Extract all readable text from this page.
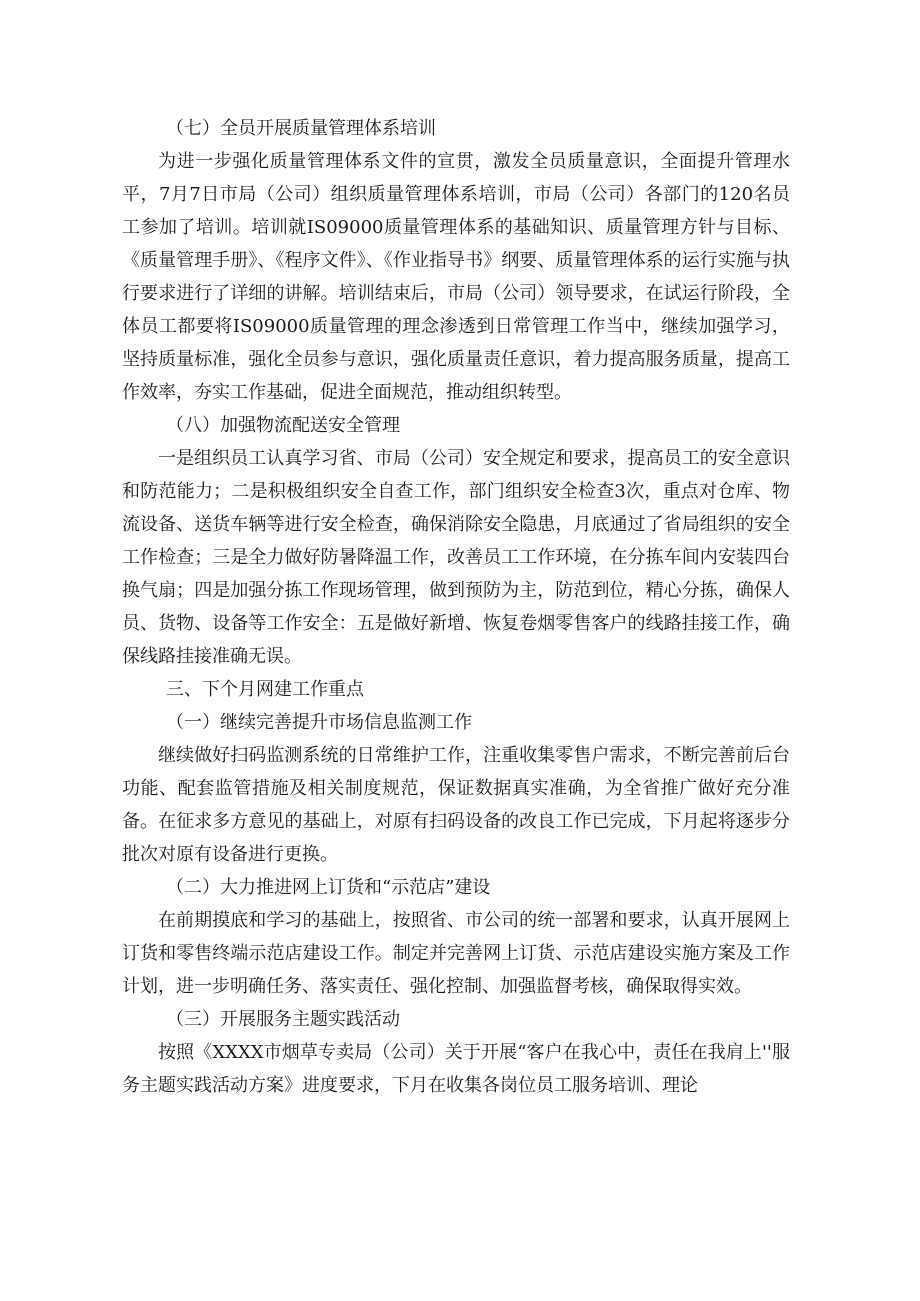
（七）全员开展质量管理体系培训

为进一步强化质量管理体系文件的宣贯，激发全员质量意识，全面提升管理水平，7月7日市局（公司）组织质量管理体系培训，市局（公司）各部门的120名员工参加了培训。培训就IS09000质量管理体系的基础知识、质量管理方针与目标、《质量管理手册》、《程序文件》、《作业指导书》纲要、质量管理体系的运行实施与执行要求进行了详细的讲解。培训结束后，市局（公司）领导要求，在试运行阶段，全体员工都要将IS09000质量管理的理念渗透到日常管理工作当中，继续加强学习，坚持质量标准，强化全员参与意识，强化质量责任意识，着力提高服务质量，提高工作效率，夯实工作基础，促进全面规范，推动组织转型。

（八）加强物流配送安全管理

一是组织员工认真学习省、市局（公司）安全规定和要求，提高员工的安全意识和防范能力；二是积极组织安全自查工作，部门组织安全检查3次，重点对仓库、物流设备、送货车辆等进行安全检查，确保消除安全隐患，月底通过了省局组织的安全工作检查；三是全力做好防暑降温工作，改善员工工作环境，在分拣车间内安装四台换气扇；四是加强分拣工作现场管理，做到预防为主，防范到位，精心分拣，确保人员、货物、设备等工作安全：五是做好新增、恢复卷烟零售客户的线路挂接工作，确保线路挂接准确无误。

三、下个月网建工作重点

（一）继续完善提升市场信息监测工作

继续做好扫码监测系统的日常维护工作，注重收集零售户需求，不断完善前后台功能、配套监管措施及相关制度规范，保证数据真实准确，为全省推广做好充分准备。在征求多方意见的基础上，对原有扫码设备的改良工作已完成，下月起将逐步分批次对原有设备进行更换。

（二）大力推进网上订货和“示范店”建设

在前期摸底和学习的基础上，按照省、市公司的统一部署和要求，认真开展网上订货和零售终端示范店建设工作。制定并完善网上订货、示范店建设实施方案及工作计划，进一步明确任务、落实责任、强化控制、加强监督考核，确保取得实效。

（三）开展服务主题实践活动

按照《XXXX市烟草专卖局（公司）关于开展“客户在我心中，责任在我肩上''服务主题实践活动方案》进度要求，下月在收集各岗位员工服务培训、理论
